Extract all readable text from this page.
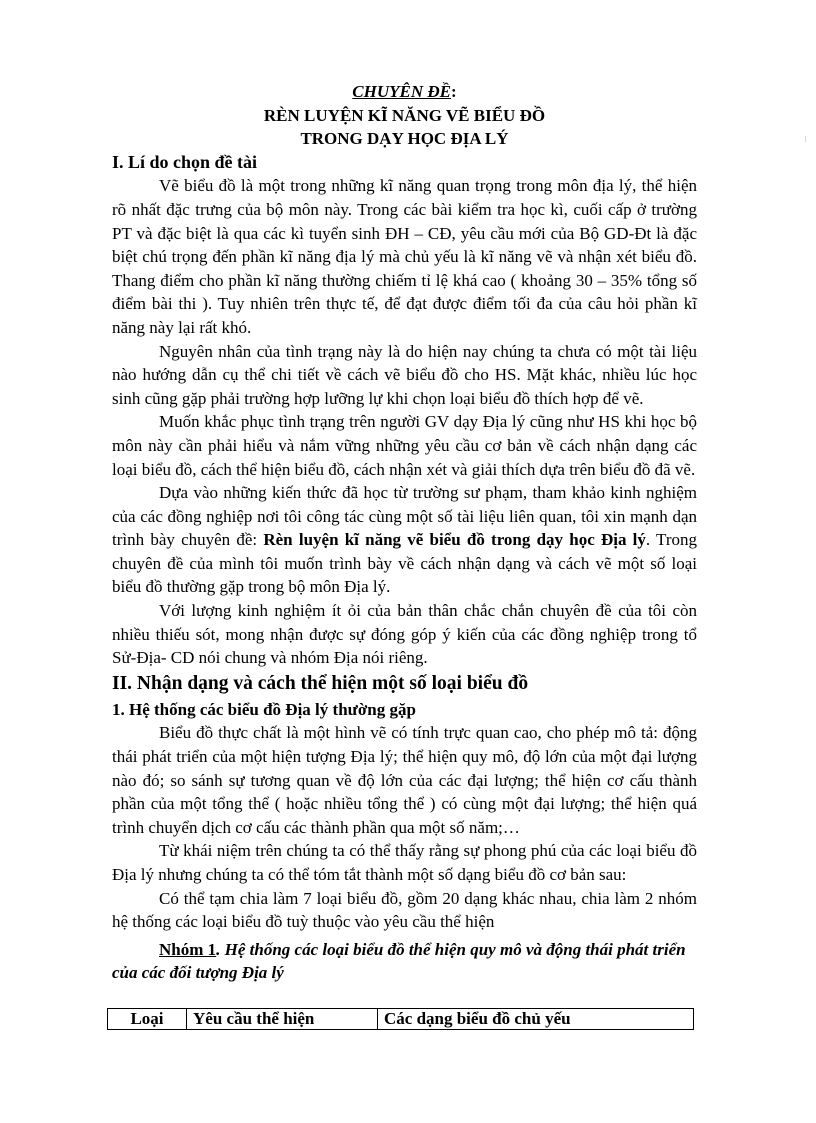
CHUYÊN ĐỀ:
RÈN LUYỆN KĨ NĂNG VẼ BIỂU ĐỒ
TRONG DẠY HỌC ĐỊA LÝ
I. Lí do chọn đề tài

Vẽ biểu đồ là một trong những kĩ năng quan trọng trong môn địa lý, thể hiện rõ nhất đặc trưng của bộ môn này. Trong các bài kiểm tra học kì, cuối cấp ở trường PT và đặc biệt là qua các kì tuyển sinh ĐH – CĐ, yêu cầu mới của Bộ GD-Đt là đặc biệt chú trọng đến phần kĩ năng địa lý mà chủ yếu là kĩ năng vẽ và nhận xét biểu đồ. Thang điểm cho phần kĩ năng thường chiếm tỉ lệ khá cao ( khoảng 30 – 35% tổng số điểm bài thi ). Tuy nhiên trên thực tế, để đạt được điểm tối đa của câu hỏi phần kĩ năng này lại rất khó.

Nguyên nhân của tình trạng này là do hiện nay chúng ta chưa có một tài liệu nào hướng dẫn cụ thể chi tiết về cách vẽ biểu đồ cho HS. Mặt khác, nhiều lúc học sinh cũng gặp phải trường hợp lưỡng lự khi chọn loại biểu đồ thích hợp để vẽ.

Muốn khắc phục tình trạng trên người GV dạy Địa lý cũng như HS khi học bộ môn này cần phải hiểu và nắm vững những yêu cầu cơ bản về cách nhận dạng các loại biểu đồ, cách thể hiện biểu đồ, cách nhận xét và giải thích dựa trên biểu đồ đã vẽ.

Dựa vào những kiến thức đã học từ trường sư phạm, tham khảo kinh nghiệm của các đồng nghiệp nơi tôi công tác cùng một số tài liệu liên quan, tôi xin mạnh dạn trình bày chuyên đề: Rèn luyện kĩ năng vẽ biểu đồ trong dạy học Địa lý. Trong chuyên đề của mình tôi muốn trình bày về cách nhận dạng và cách vẽ một số loại biểu đồ thường gặp trong bộ môn Địa lý.

Với lượng kinh nghiệm ít ỏi của bản thân chắc chắn chuyên đề của tôi còn nhiều thiếu sót, mong nhận được sự đóng góp ý kiến của các đồng nghiệp trong tổ Sử-Địa- CD nói chung và nhóm Địa nói riêng.

II. Nhận dạng và cách thể hiện một số loại biểu đồ
1. Hệ thống các biểu đồ Địa lý thường gặp

Biểu đồ thực chất là một hình vẽ có tính trực quan cao, cho phép mô tả: động thái phát triển của một hiện tượng Địa lý; thể hiện quy mô, độ lớn của một đại lượng nào đó; so sánh sự tương quan về độ lớn của các đại lượng; thể hiện cơ cấu thành phần của một tổng thể ( hoặc nhiều tổng thể ) có cùng một đại lượng; thể hiện quá trình chuyển dịch cơ cấu các thành phần qua một số năm;…

Từ khái niệm trên chúng ta có thể thấy rằng sự phong phú của các loại biểu đồ Địa lý nhưng chúng ta có thể tóm tắt thành một số dạng biểu đồ cơ bản sau:

Có thể tạm chia làm 7 loại biểu đồ, gồm 20 dạng khác nhau, chia làm 2 nhóm hệ thống các loại biểu đồ tuỳ thuộc vào yêu cầu thể hiện

Nhóm 1. Hệ thống các loại biểu đồ thể hiện quy mô và động thái phát triển của các đối tượng Địa lý
Loại	Yêu cầu thể hiện	Các dạng biểu đồ chủ yếu
